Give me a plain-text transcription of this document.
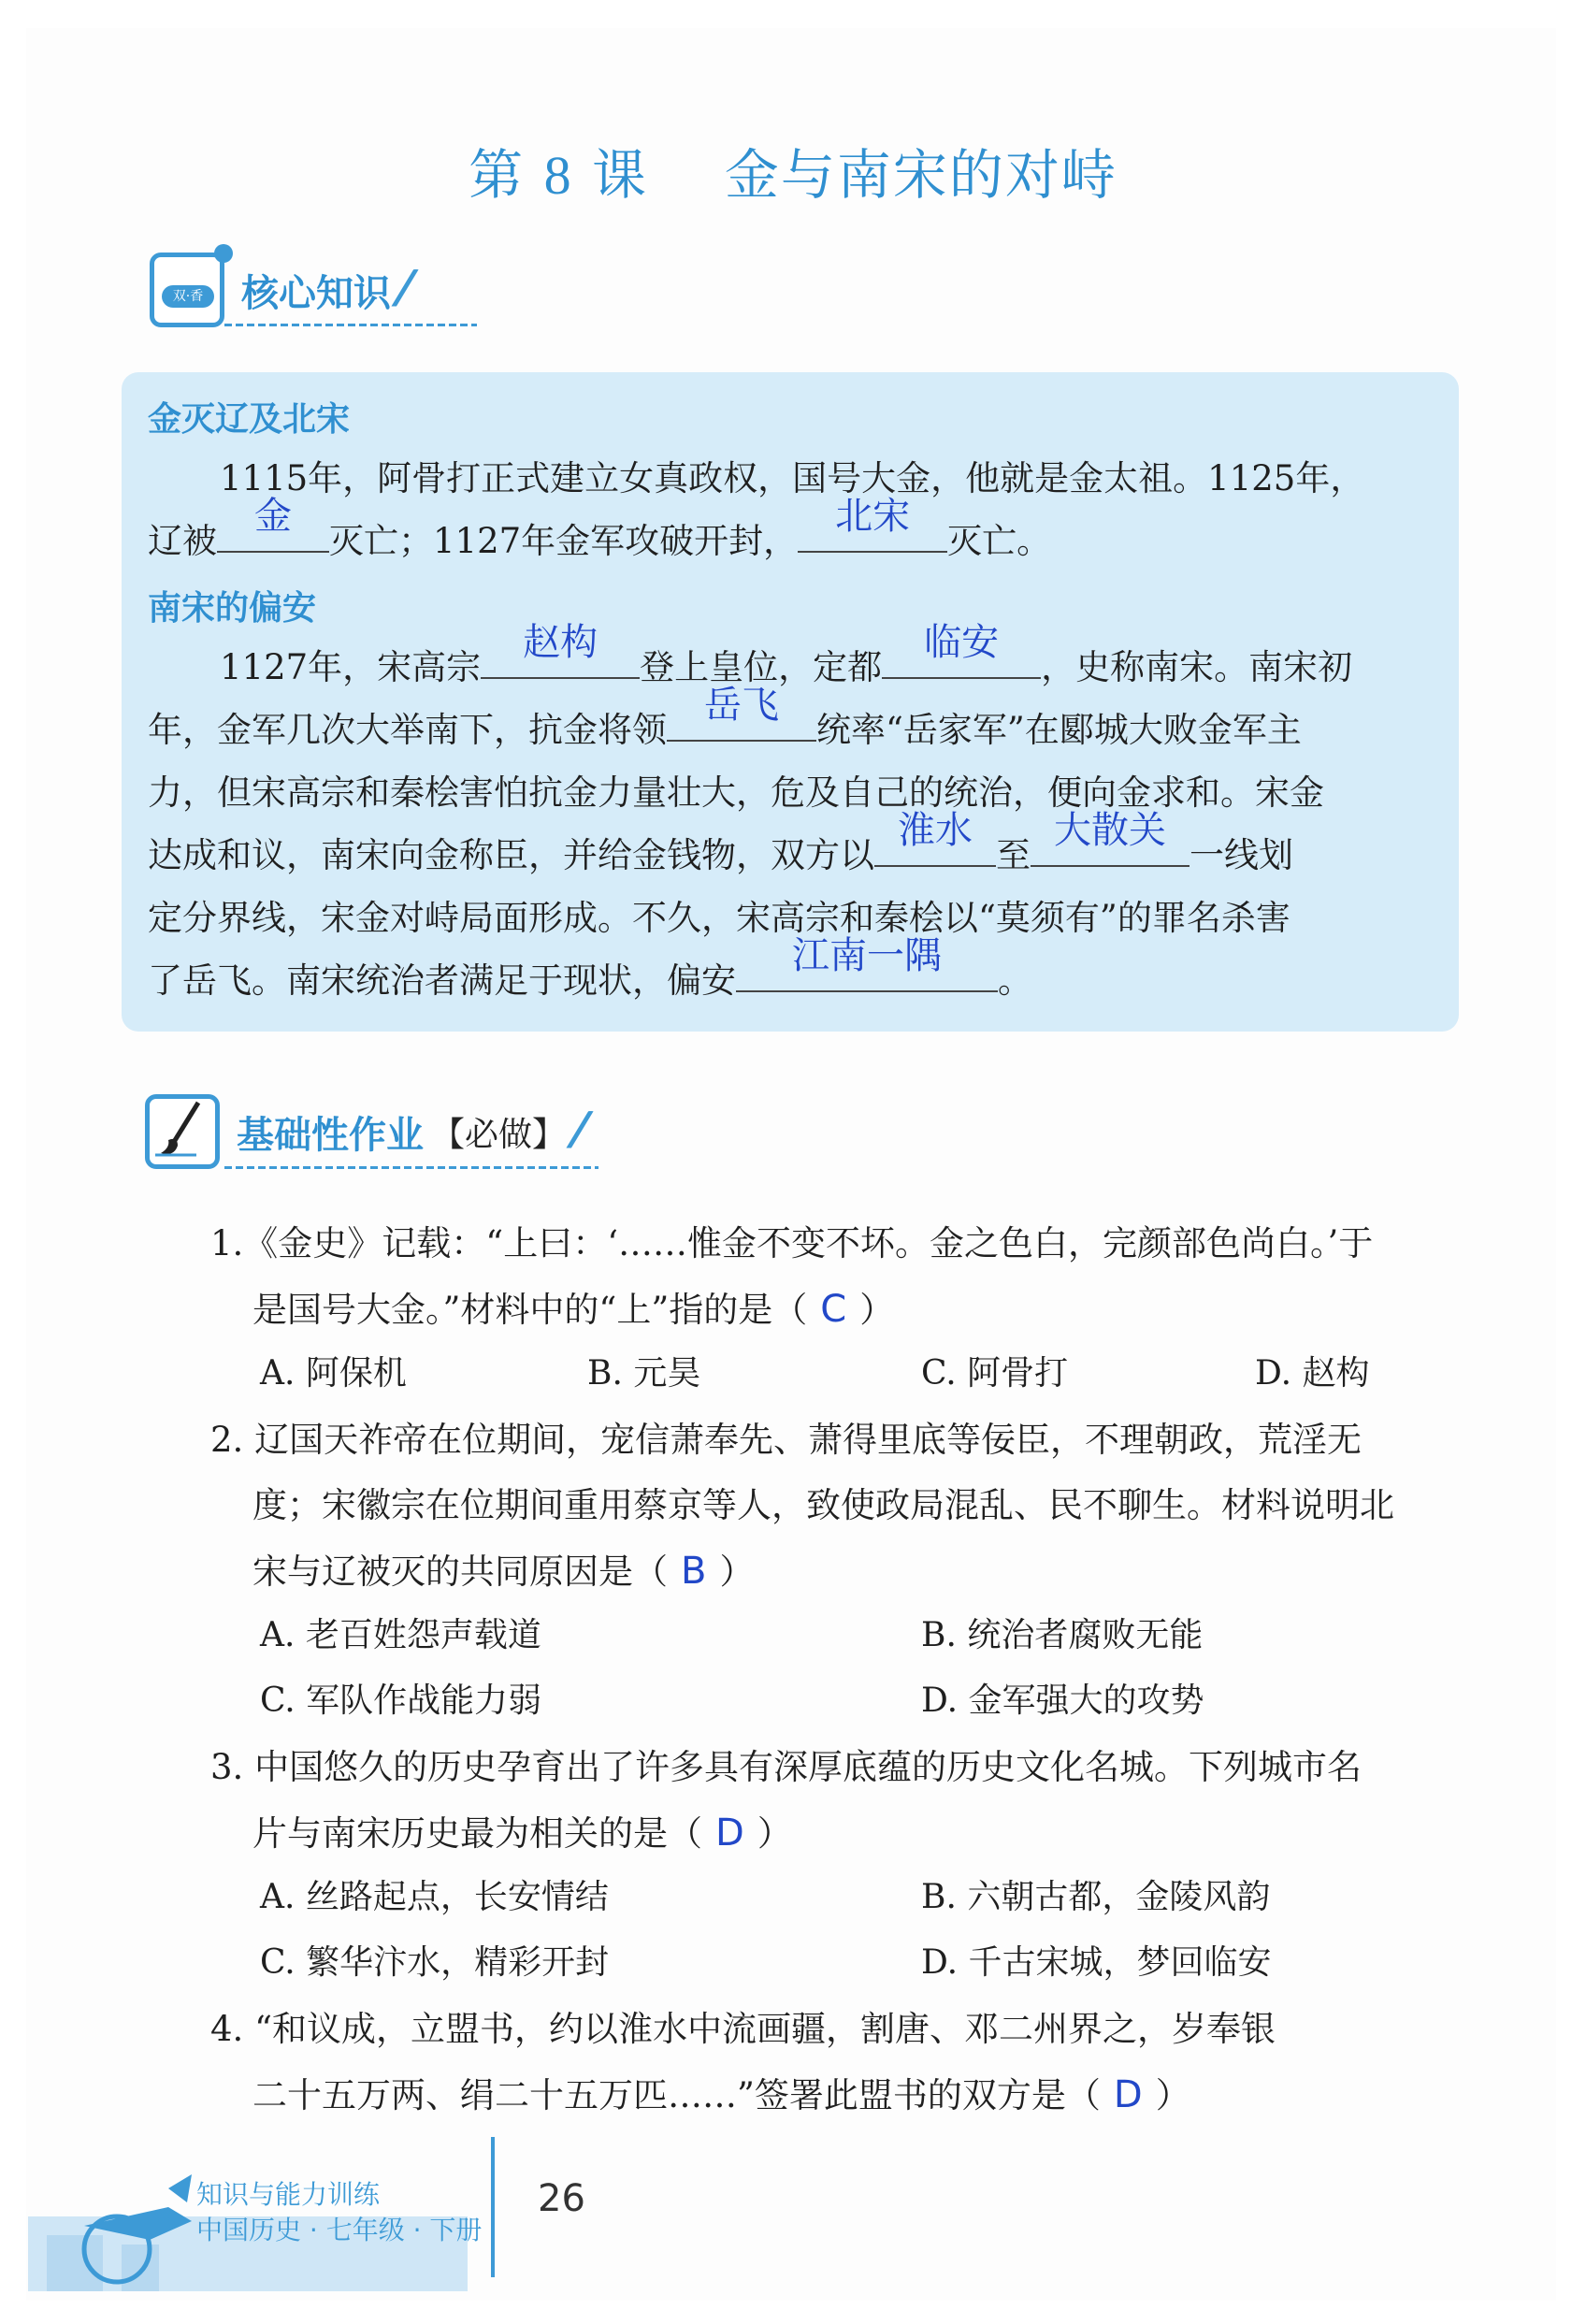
第 8 课 金与南宋的对峙
双·香 核心知识 ⁄⁄⁄
金灭辽及北宋
1115年，阿骨打正式建立女真政权，国号大金，他就是金太祖。1125年，
辽被
金
灭亡；1127年金军攻破开封，
北宋
灭亡。
南宋的偏安
1127年，宋高宗
赵构
登上皇位，定都
临安
，史称南宋。南宋初
年，金军几次大举南下，抗金将领
岳飞
统率“岳家军”在郾城大败金军主
力，但宋高宗和秦桧害怕抗金力量壮大，危及自己的统治，便向金求和。宋金
达成和议，南宋向金称臣，并给金钱物，双方以
淮水
至
大散关
一线划
定分界线，宋金对峙局面形成。不久，宋高宗和秦桧以“莫须有”的罪名杀害
了岳飞。南宋统治者满足于现状，偏安
江南一隅
。
基础性作业 【必做】 ⁄⁄⁄
1.《金史》记载：“上曰：‘……惟金不变不坏。金之色白，完颜部色尚白。’于
是国号大金。”材料中的“上”指的是（ C ）
A. 阿保机	B. 元昊	C. 阿骨打	D. 赵构
2. 辽国天祚帝在位期间，宠信萧奉先、萧得里底等佞臣，不理朝政，荒淫无
度；宋徽宗在位期间重用蔡京等人，致使政局混乱、民不聊生。材料说明北
宋与辽被灭的共同原因是（ B ）
A. 老百姓怨声载道	B. 统治者腐败无能
C. 军队作战能力弱	D. 金军强大的攻势
3. 中国悠久的历史孕育出了许多具有深厚底蕴的历史文化名城。下列城市名
片与南宋历史最为相关的是（ D ）
A. 丝路起点，长安情结	B. 六朝古都，金陵风韵
C. 繁华汴水，精彩开封	D. 千古宋城，梦回临安
4. “和议成，立盟书，约以淮水中流画疆，割唐、邓二州界之，岁奉银
二十五万两、绢二十五万匹……”签署此盟书的双方是（ D ）
知识与能力训练
中国历史 · 七年级 · 下册
26
